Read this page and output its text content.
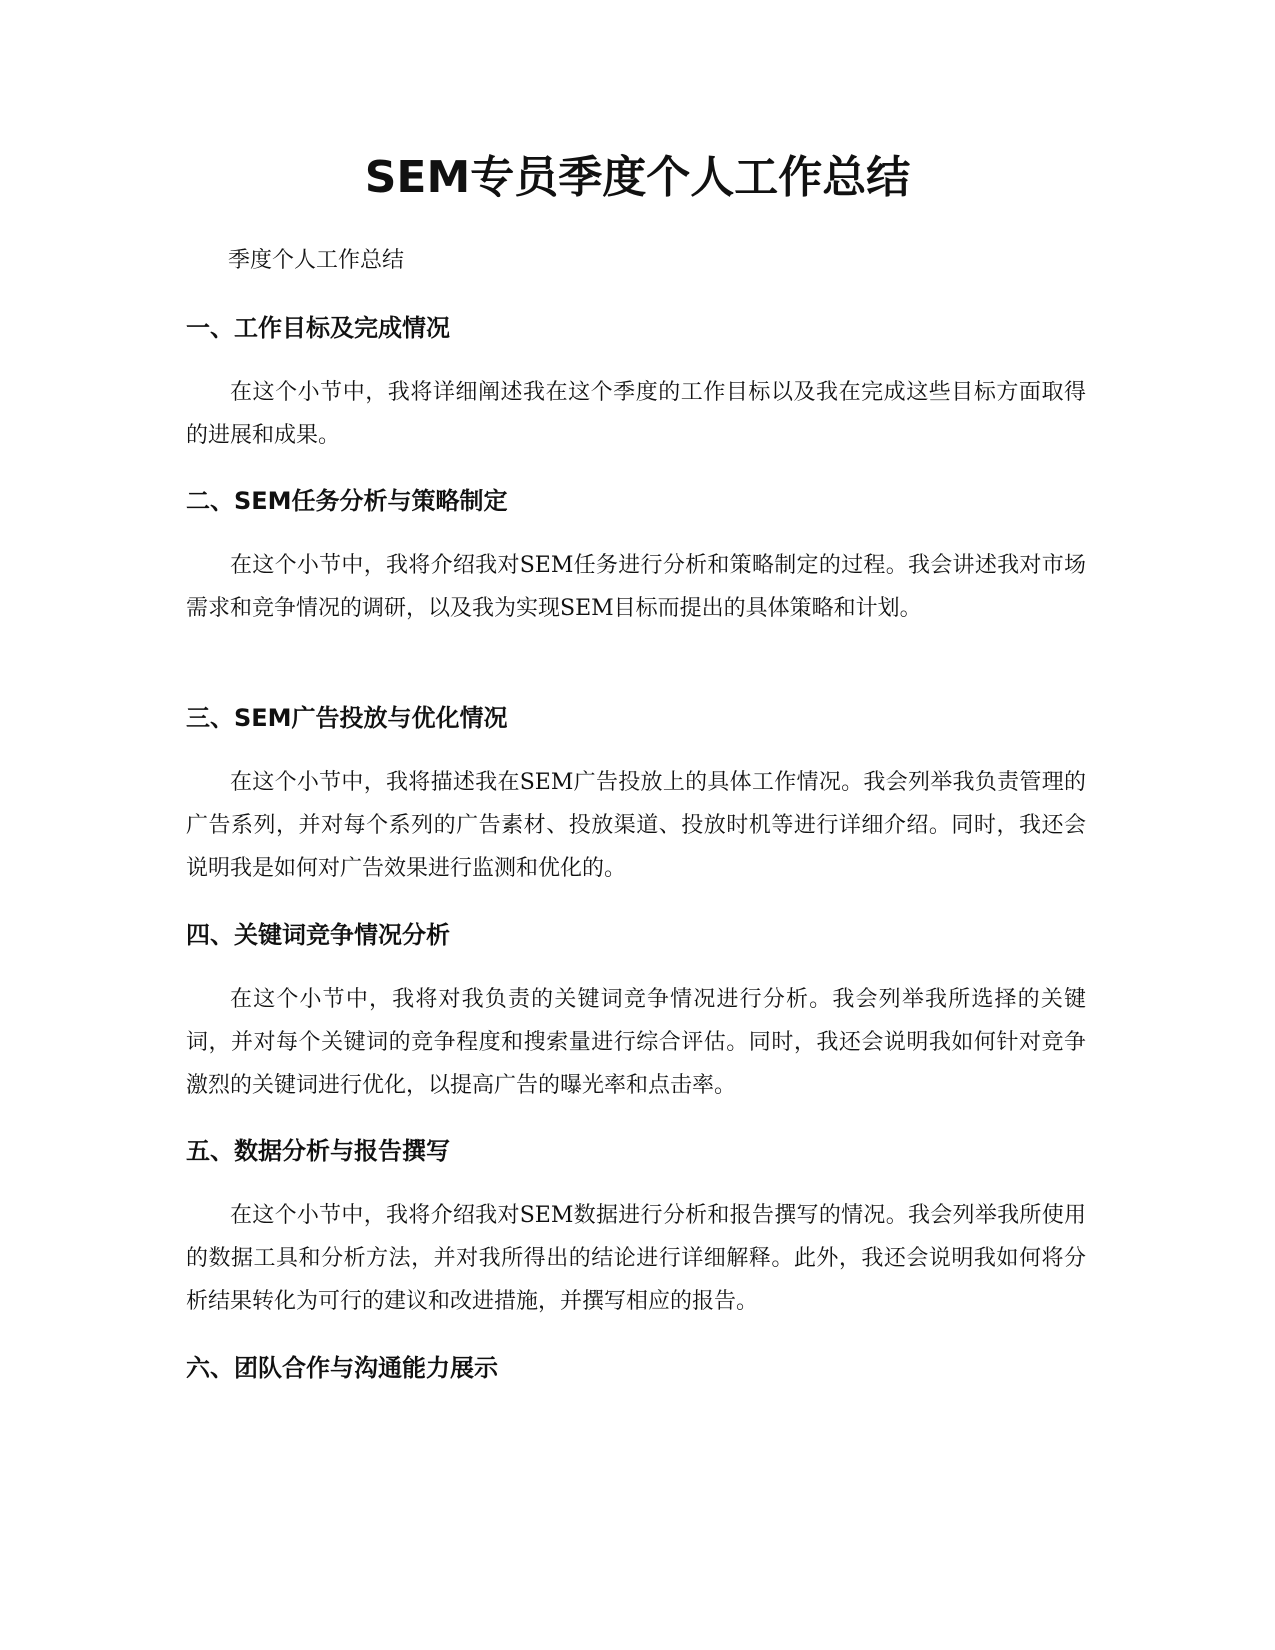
SEM专员季度个人工作总结

季度个人工作总结

一、工作目标及完成情况

在这个小节中，我将详细阐述我在这个季度的工作目标以及我在完成这些目标方面取得的进展和成果。

二、SEM任务分析与策略制定

在这个小节中，我将介绍我对SEM任务进行分析和策略制定的过程。我会讲述我对市场需求和竞争情况的调研，以及我为实现SEM目标而提出的具体策略和计划。

三、SEM广告投放与优化情况

在这个小节中，我将描述我在SEM广告投放上的具体工作情况。我会列举我负责管理的广告系列，并对每个系列的广告素材、投放渠道、投放时机等进行详细介绍。同时，我还会说明我是如何对广告效果进行监测和优化的。

四、关键词竞争情况分析

在这个小节中，我将对我负责的关键词竞争情况进行分析。我会列举我所选择的关键词，并对每个关键词的竞争程度和搜索量进行综合评估。同时，我还会说明我如何针对竞争激烈的关键词进行优化，以提高广告的曝光率和点击率。

五、数据分析与报告撰写

在这个小节中，我将介绍我对SEM数据进行分析和报告撰写的情况。我会列举我所使用的数据工具和分析方法，并对我所得出的结论进行详细解释。此外，我还会说明我如何将分析结果转化为可行的建议和改进措施，并撰写相应的报告。

六、团队合作与沟通能力展示
